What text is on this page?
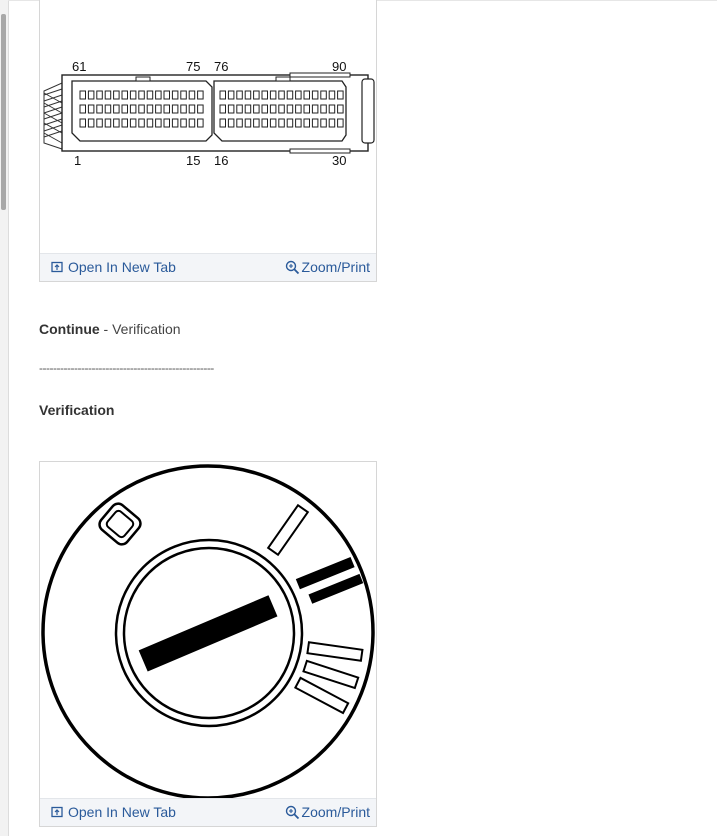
61	75 76	90
1	15 16	30
Open In New Tab	Zoom/Print
Continue - Verification
--------------------------------------------------
Verification
Open In New Tab	Zoom/Print
